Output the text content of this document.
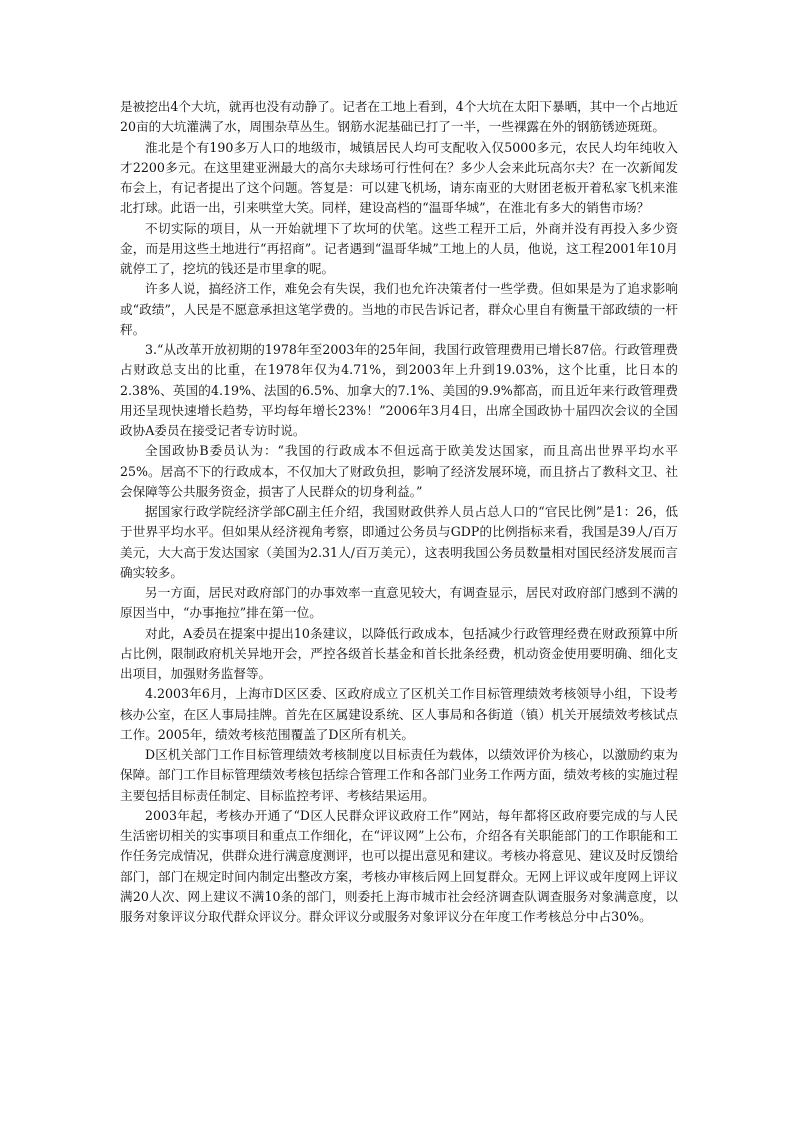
是被挖出4个大坑，就再也没有动静了。记者在工地上看到，4个大坑在太阳下暴晒，其中一个占地近20亩的大坑灌满了水，周围杂草丛生。钢筋水泥基础已打了一半，一些裸露在外的钢筋锈迹斑斑。

淮北是个有190多万人口的地级市，城镇居民人均可支配收入仅5000多元，农民人均年纯收入才2200多元。在这里建亚洲最大的高尔夫球场可行性何在？多少人会来此玩高尔夫？在一次新闻发布会上，有记者提出了这个问题。答复是：可以建飞机场，请东南亚的大财团老板开着私家飞机来淮北打球。此语一出，引来哄堂大笑。同样，建设高档的“温哥华城”，在淮北有多大的销售市场？

不切实际的项目，从一开始就埋下了坎坷的伏笔。这些工程开工后，外商并没有再投入多少资金，而是用这些土地进行“再招商”。记者遇到“温哥华城”工地上的人员，他说，这工程2001年10月就停工了，挖坑的钱还是市里拿的呢。

许多人说，搞经济工作，难免会有失误，我们也允许决策者付一些学费。但如果是为了追求影响或“政绩”，人民是不愿意承担这笔学费的。当地的市民告诉记者，群众心里自有衡量干部政绩的一杆秤。

3.“从改革开放初期的1978年至2003年的25年间，我国行政管理费用已增长87倍。行政管理费占财政总支出的比重，在1978年仅为4.71%，到2003年上升到19.03%，这个比重，比日本的2.38%、英国的4.19%、法国的6.5%、加拿大的7.1%、美国的9.9%都高，而且近年来行政管理费用还呈现快速增长趋势，平均每年增长23%！”2006年3月4日，出席全国政协十届四次会议的全国政协A委员在接受记者专访时说。

全国政协B委员认为：“我国的行政成本不但远高于欧美发达国家，而且高出世界平均水平25%。居高不下的行政成本，不仅加大了财政负担，影响了经济发展环境，而且挤占了教科文卫、社会保障等公共服务资金，损害了人民群众的切身利益。”

据国家行政学院经济学部C副主任介绍，我国财政供养人员占总人口的“官民比例”是1：26，低于世界平均水平。但如果从经济视角考察，即通过公务员与GDP的比例指标来看，我国是39人/百万美元，大大高于发达国家（美国为2.31人/百万美元），这表明我国公务员数量相对国民经济发展而言确实较多。

另一方面，居民对政府部门的办事效率一直意见较大，有调查显示，居民对政府部门感到不满的原因当中，“办事拖拉”排在第一位。

对此，A委员在提案中提出10条建议，以降低行政成本，包括减少行政管理经费在财政预算中所占比例，限制政府机关异地开会，严控各级首长基金和首长批条经费，机动资金使用要明确、细化支出项目，加强财务监督等。

4.2003年6月，上海市D区区委、区政府成立了区机关工作目标管理绩效考核领导小组，下设考核办公室，在区人事局挂牌。首先在区属建设系统、区人事局和各街道（镇）机关开展绩效考核试点工作。2005年，绩效考核范围覆盖了D区所有机关。

D区机关部门工作目标管理绩效考核制度以目标责任为载体，以绩效评价为核心，以激励约束为保障。部门工作目标管理绩效考核包括综合管理工作和各部门业务工作两方面，绩效考核的实施过程主要包括目标责任制定、目标监控考评、考核结果运用。

2003年起，考核办开通了“D区人民群众评议政府工作”网站，每年都将区政府要完成的与人民生活密切相关的实事项目和重点工作细化，在“评议网”上公布，介绍各有关职能部门的工作职能和工作任务完成情况，供群众进行满意度测评，也可以提出意见和建议。考核办将意见、建议及时反馈给部门，部门在规定时间内制定出整改方案，考核办审核后网上回复群众。无网上评议或年度网上评议满20人次、网上建议不满10条的部门，则委托上海市城市社会经济调查队调查服务对象满意度，以服务对象评议分取代群众评议分。群众评议分或服务对象评议分在年度工作考核总分中占30%。
